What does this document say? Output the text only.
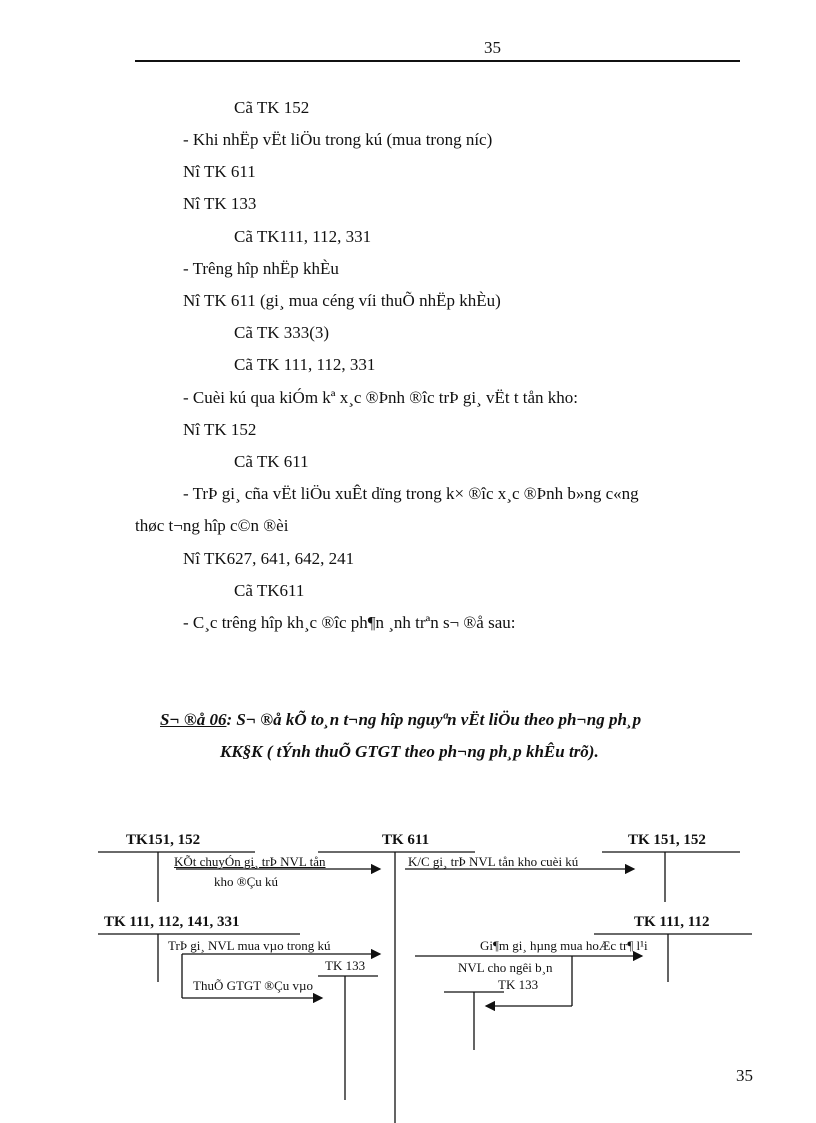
35
Cã TK 152
- Khi nhËp vËt liÖu trong kú (mua trong níc)
Nî TK 611
Nî TK 133
Cã TK111, 112, 331
- Trêng hîp nhËp khÈu
Nî TK 611 (gi¸ mua céng víi thuÕ nhËp khÈu)
Cã TK 333(3)
Cã TK 111, 112, 331
- Cuèi kú qua kiÓm kª x¸c ®Þnh ®îc trÞ gi¸ vËt t tån kho:
Nî TK 152
Cã TK 611
- TrÞ gi¸ cña vËt liÖu xuÊt dïng trong k× ®îc x¸c ®Þnh b»ng c«ng
thøc t¬ng hîp c©n ®èi
Nî TK627, 641, 642, 241
Cã TK611
- C¸c trêng hîp kh¸c ®îc ph¶n ¸nh trªn s¬ ®å sau:
S¬ ®å 06: S¬ ®å kÕ to¸n t¬ng hîp nguyªn vËt liÖu theo ph¬ng ph¸p
KK§K ( tÝnh thuÕ GTGT theo ph¬ng ph¸p khÊu trõ).
TK151, 152	TK 611	TK 151, 152
TK 111, 112, 141, 331	TK 111, 112
TK 133
TK 133
KÕt chuyÓn gi¸ trÞ NVL tån
kho ®Çu kú
K/C gi¸ trÞ NVL tån kho cuèi kú
TrÞ gi¸ NVL mua vµo trong kú
ThuÕ GTGT ®Çu vµo
Gi¶m gi¸ hµng mua hoÆc tr¶ l¹i
NVL cho ngêi b¸n
35
